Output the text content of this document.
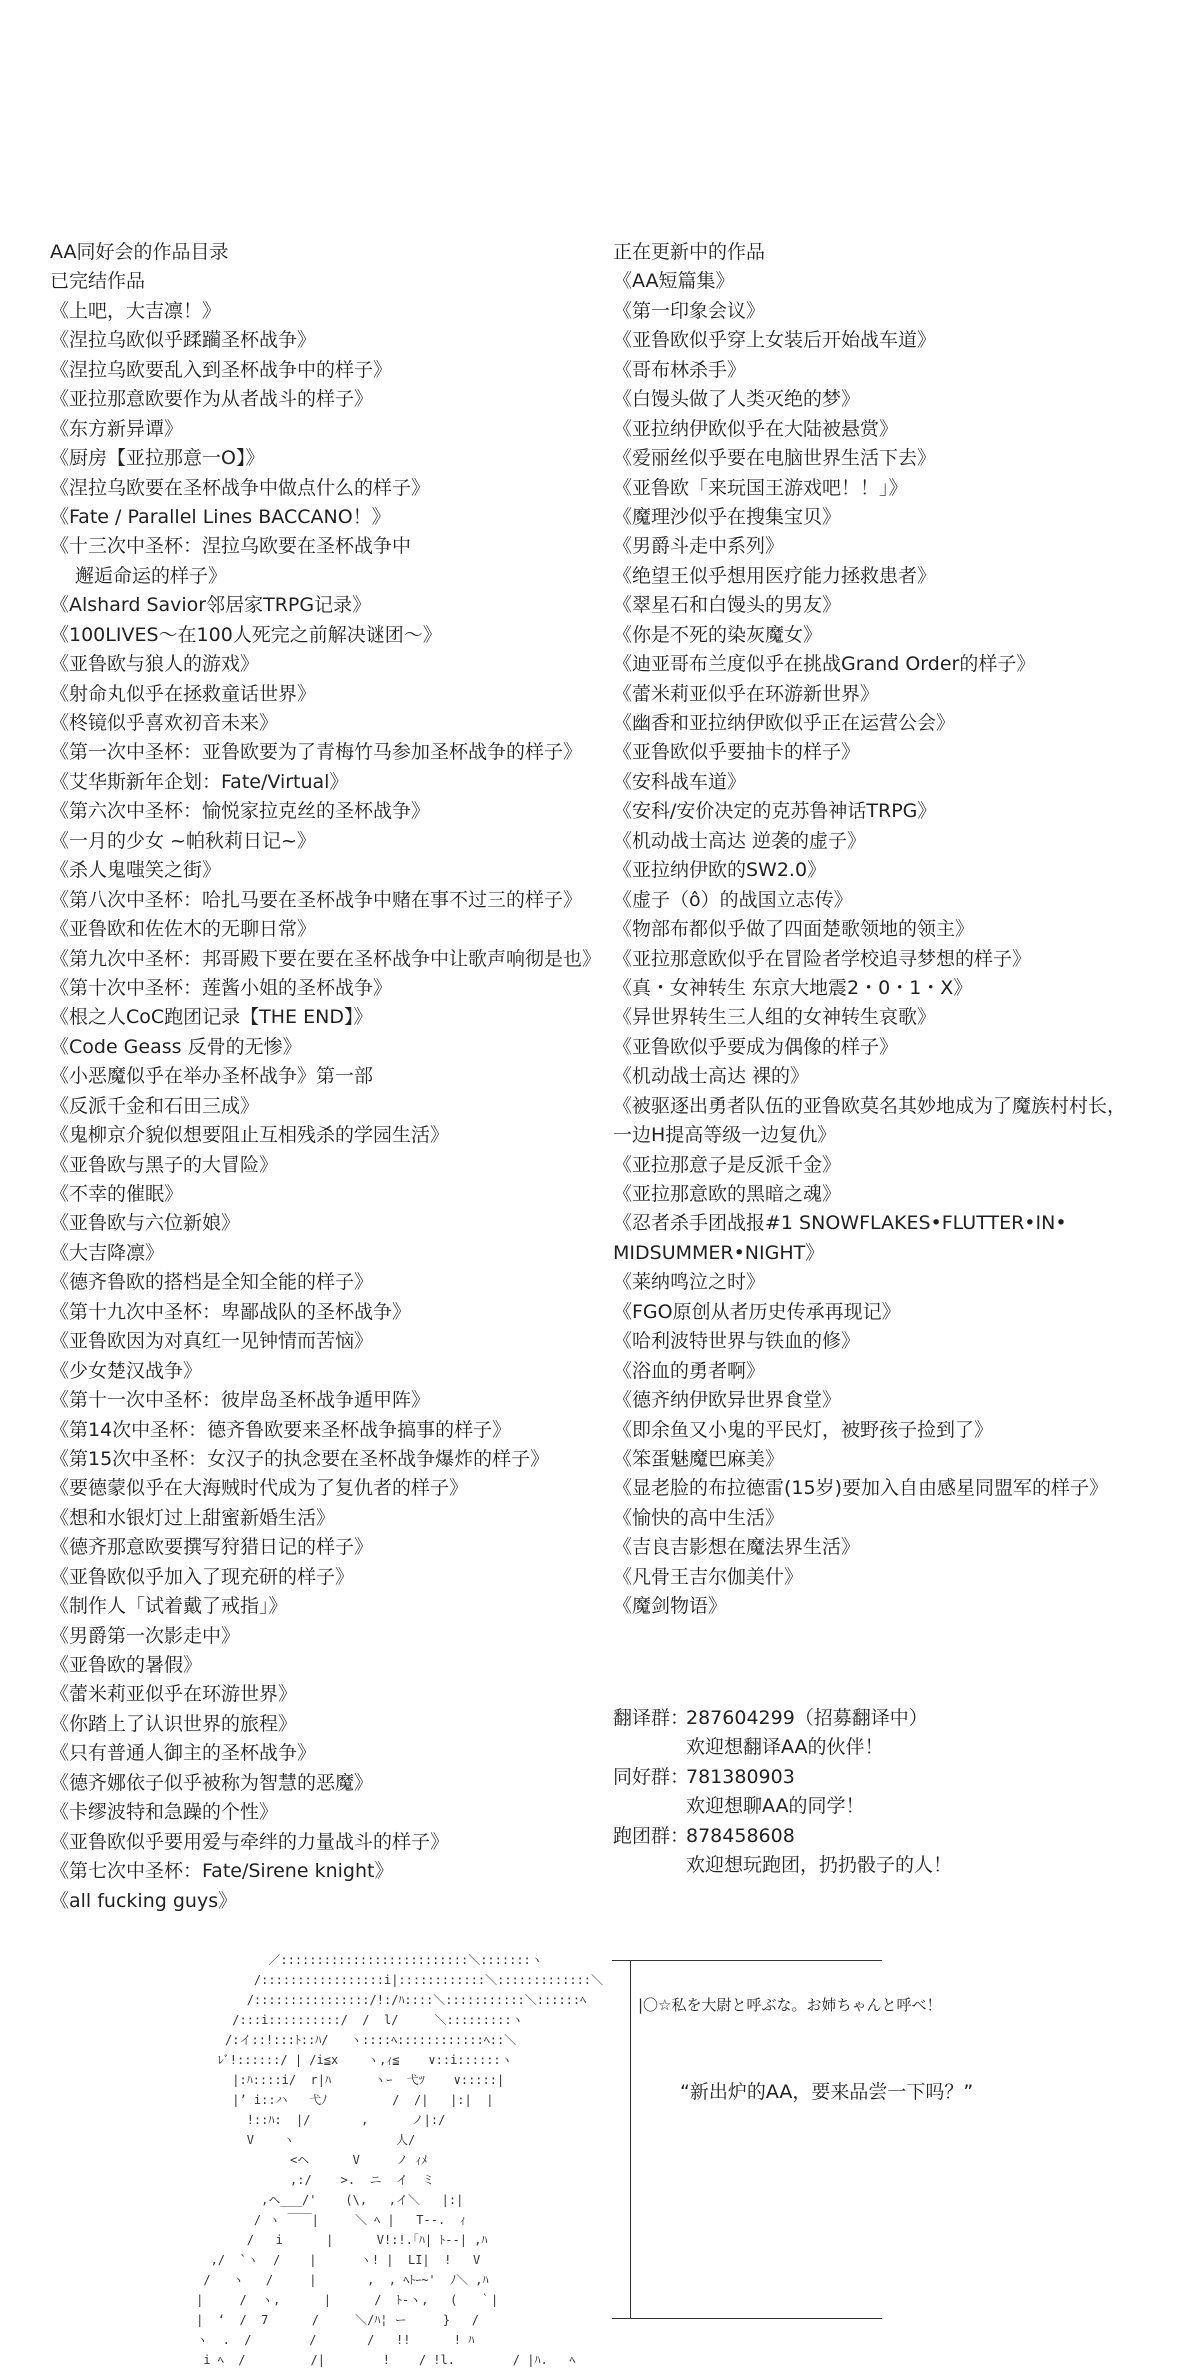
AA同好会的作品目录
已完结作品
《上吧，大吉凛！》
《涅拉乌欧似乎蹂躏圣杯战争》
《涅拉乌欧要乱入到圣杯战争中的样子》
《亚拉那意欧要作为从者战斗的样子》
《东方新异谭》
《厨房【亚拉那意一O】》
《涅拉乌欧要在圣杯战争中做点什么的样子》
《Fate / Parallel Lines BACCANO！》
《十三次中圣杯：涅拉乌欧要在圣杯战争中
邂逅命运的样子》
《Alshard Savior邻居家TRPG记录》
《100LIVES～在100人死完之前解决谜团～》
《亚鲁欧与狼人的游戏》
《射命丸似乎在拯救童话世界》
《柊镜似乎喜欢初音未来》
《第一次中圣杯：亚鲁欧要为了青梅竹马参加圣杯战争的样子》
《艾华斯新年企划：Fate/Virtual》
《第六次中圣杯：愉悦家拉克丝的圣杯战争》
《一月的少女 ~帕秋莉日记~》
《杀人鬼嗤笑之街》
《第八次中圣杯：哈扎马要在圣杯战争中赌在事不过三的样子》
《亚鲁欧和佐佐木的无聊日常》
《第九次中圣杯：邦哥殿下要在要在圣杯战争中让歌声响彻是也》
《第十次中圣杯：莲酱小姐的圣杯战争》
《根之人CoC跑团记录【THE END】》
《Code Geass 反骨的无惨》
《小恶魔似乎在举办圣杯战争》第一部
《反派千金和石田三成》
《鬼柳京介貌似想要阻止互相残杀的学园生活》
《亚鲁欧与黑子的大冒险》
《不幸的催眠》
《亚鲁欧与六位新娘》
《大吉降凛》
《德齐鲁欧的搭档是全知全能的样子》
《第十九次中圣杯：卑鄙战队的圣杯战争》
《亚鲁欧因为对真红一见钟情而苦恼》
《少女楚汉战争》
《第十一次中圣杯：彼岸岛圣杯战争遁甲阵》
《第14次中圣杯：德齐鲁欧要来圣杯战争搞事的样子》
《第15次中圣杯：女汉子的执念要在圣杯战争爆炸的样子》
《要德蒙似乎在大海贼时代成为了复仇者的样子》
《想和水银灯过上甜蜜新婚生活》
《德齐那意欧要撰写狩猎日记的样子》
《亚鲁欧似乎加入了现充研的样子》
《制作人「试着戴了戒指」》
《男爵第一次影走中》
《亚鲁欧的暑假》
《蕾米莉亚似乎在环游世界》
《你踏上了认识世界的旅程》
《只有普通人御主的圣杯战争》
《德齐娜依子似乎被称为智慧的恶魔》
《卡缪波特和急躁的个性》
《亚鲁欧似乎要用爱与牵绊的力量战斗的样子》
《第七次中圣杯：Fate/Sirene knight》
《all fucking guys》
正在更新中的作品
《AA短篇集》
《第一印象会议》
《亚鲁欧似乎穿上女装后开始战车道》
《哥布林杀手》
《白馒头做了人类灭绝的梦》
《亚拉纳伊欧似乎在大陆被悬赏》
《爱丽丝似乎要在电脑世界生活下去》
《亚鲁欧「来玩国王游戏吧！！」》
《魔理沙似乎在搜集宝贝》
《男爵斗走中系列》
《绝望王似乎想用医疗能力拯救患者》
《翠星石和白馒头的男友》
《你是不死的染灰魔女》
《迪亚哥布兰度似乎在挑战Grand Order的样子》
《蕾米莉亚似乎在环游新世界》
《幽香和亚拉纳伊欧似乎正在运营公会》
《亚鲁欧似乎要抽卡的样子》
《安科战车道》
《安科/安价决定的克苏鲁神话TRPG》
《机动战士高达 逆袭的虚子》
《亚拉纳伊欧的SW2.0》
《虚子（ô）的战国立志传》
《物部布都似乎做了四面楚歌领地的领主》
《亚拉那意欧似乎在冒险者学校追寻梦想的样子》
《真・女神转生 东京大地震2・0・1・X》
《异世界转生三人组的女神转生哀歌》
《亚鲁欧似乎要成为偶像的样子》
《机动战士高达 裸的》
《被驱逐出勇者队伍的亚鲁欧莫名其妙地成为了魔族村村长，
一边H提高等级一边复仇》
《亚拉那意子是反派千金》
《亚拉那意欧的黑暗之魂》
《忍者杀手团战报#1 SNOWFLAKES•FLUTTER•IN•
MIDSUMMER•NIGHT》
《莱纳鸣泣之时》
《FGO原创从者历史传承再现记》
《哈利波特世界与铁血的修》
《浴血的勇者啊》
《德齐纳伊欧异世界食堂》
《即余鱼又小鬼的平民灯，被野孩子捡到了》
《笨蛋魅魔巴麻美》
《显老脸的布拉德雷(15岁)要加入自由感星同盟军的样子》
《愉快的高中生活》
《吉良吉影想在魔法界生活》
《凡骨王吉尔伽美什》
《魔剑物语》
翻译群：
287604299（招募翻译中）
欢迎想翻译AA的伙伴！
同好群：
781380903
欢迎想聊AA的同学！
跑团群：
878458608
欢迎想玩跑团，扔扔骰子的人！
／::::::::::::::::::::::::::＼:::::::ヽ
/:::::::::::::::::i|::::::::::::＼:::::::::::::＼
/::::::::::::::::/!:/ﾊ::::＼:::::::::::＼::::::ﾍ
/:::i::::::::::/  /  l/     ＼:::::::::ヽ
/:イ::!:::ﾄ::ﾊ/   ヽ::::ﾍ::::::::::::ﾍ::＼
ﾚﾞ!::::::/ | /i≦x    ヽ,ｨ≦    ∨::i::::::ヽ
|:ﾊ::::i/  r|ﾊ      ヽｰ  弋ﾂ    ∨:::::|
|’ i::ハ   弋ﾉ         /  /|   |:|  |
!::ﾊ:  |/       ,      ノ|:/
V    ヽ              人/
<ヘ      V     ノ ｨﾒ
,:/    >.  ニ  イ  ミ
,ヘ___/'    (\,   ,イ＼   |:|
/ ヽ ￣￣|     ＼ ﾍ |   T--.  ｨ
/   i      |      V!:!.｢ﾊ| ﾄ--| ,ﾊ
,/  `ヽ  /    |      ヽ! |  LI|  !   V
/   ヽ   /     |       ,  , ﾍﾄｰ~'  ﾉ＼ ,ﾊ
|     /  ヽ,      |      /  ﾄ-ヽ,   (   ｀|
|  ‘  /  7      /     ＼/ﾊ¦ ー     }   /
ヽ  .  /        /       /   !!      ! ﾊ
i ﾍ  /         /|        !    / !l.        / |ﾊ.   ﾍ
|〇☆私を大尉と呼ぶな。お姉ちゃんと呼べ！
“新出炉的AA，要来品尝一下吗？”
